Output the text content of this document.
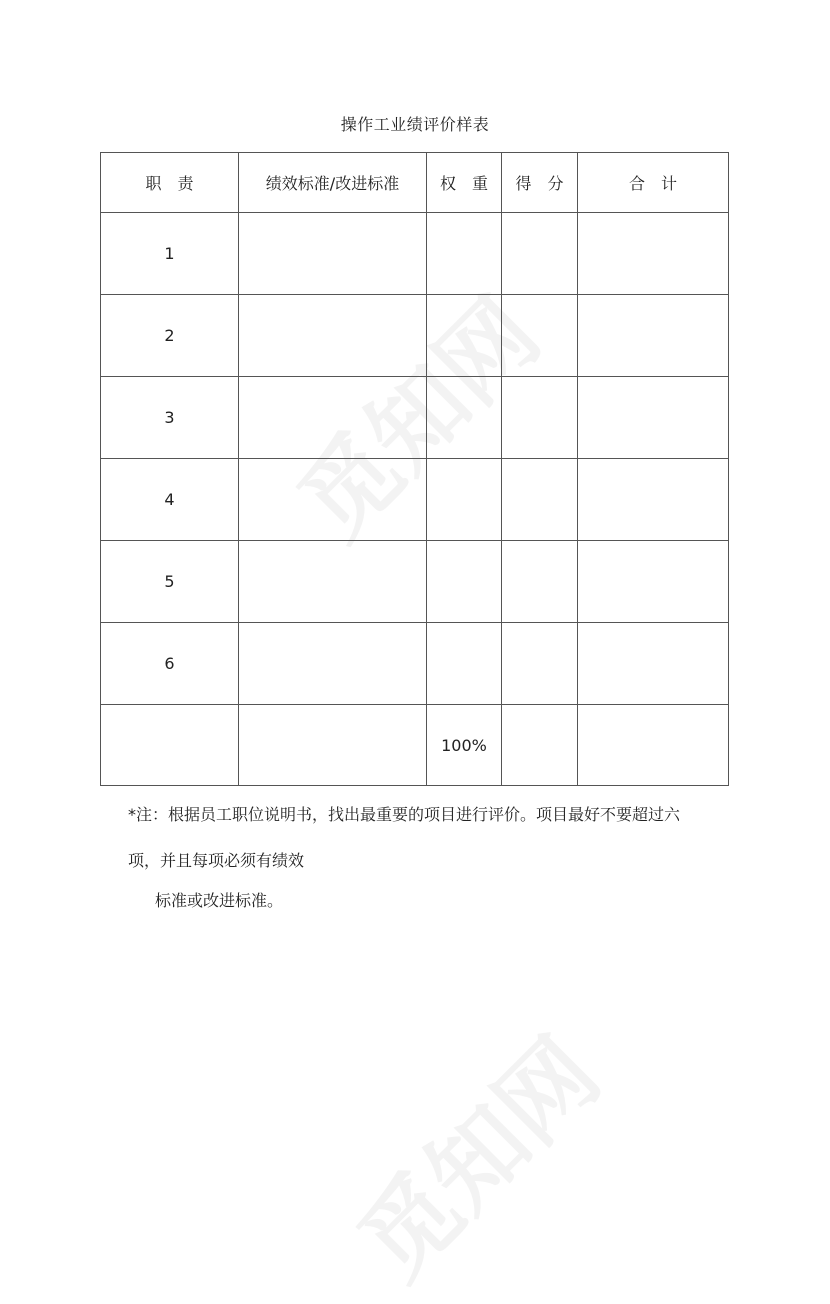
操作工业绩评价样表
职　责	绩效标准/改进标准	权　重	得　分	合　计
1				
2				
3				
4				
5				
6				
		100%		
*注：根据员工职位说明书，找出最重要的项目进行评价。项目最好不要超过六
项，并且每项必须有绩效
标准或改进标准。
